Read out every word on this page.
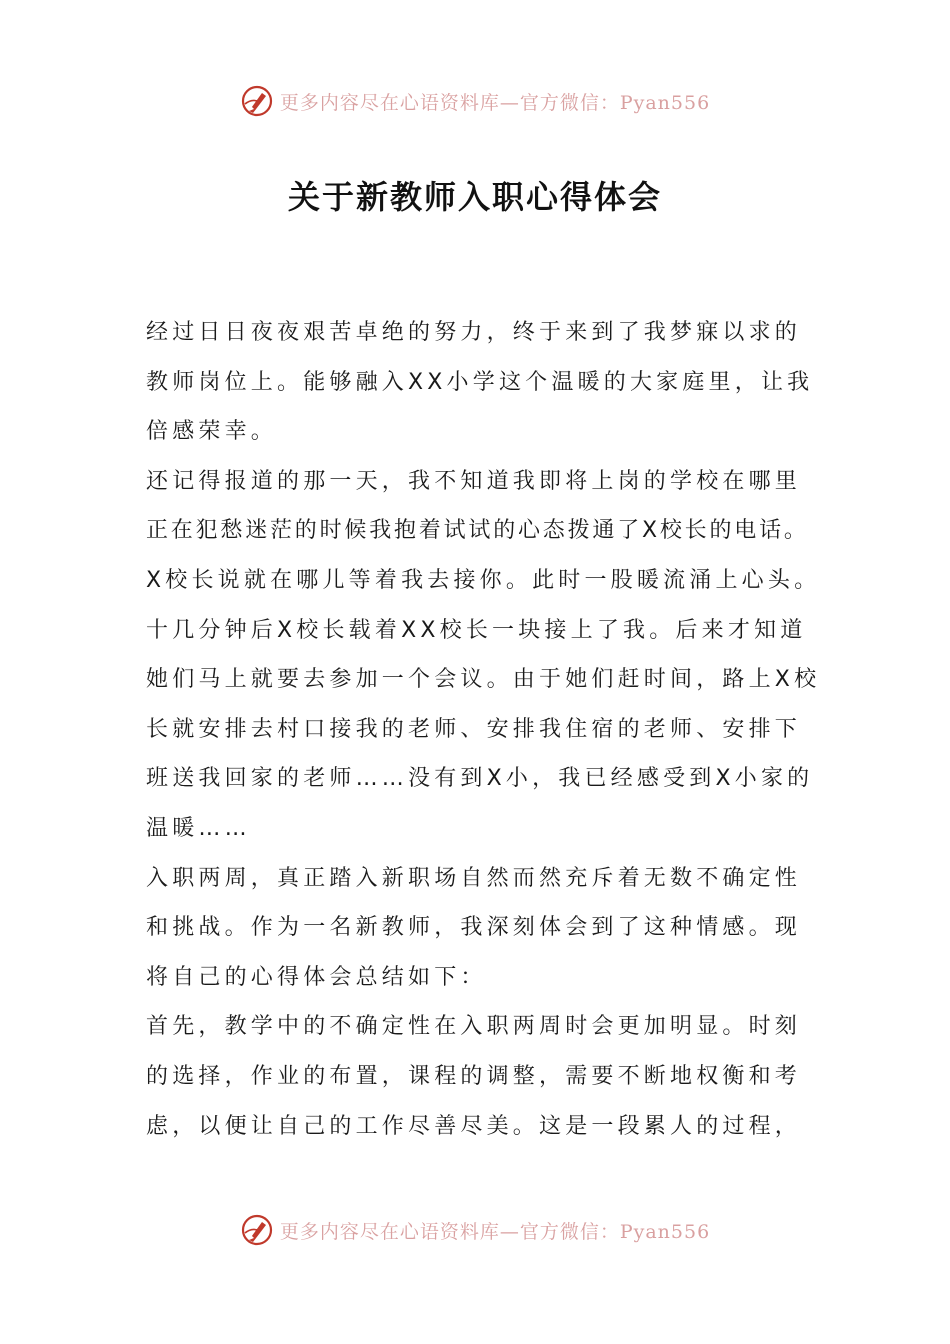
更多内容尽在心语资料库—官方微信：Pyan556
关于新教师入职心得体会
经过日日夜夜艰苦卓绝的努力，终于来到了我梦寐以求的
教师岗位上。能够融入XX小学这个温暖的大家庭里，让我
倍感荣幸。
还记得报道的那一天，我不知道我即将上岗的学校在哪里
正在犯愁迷茫的时候我抱着试试的心态拨通了X校长的电话。
X校长说就在哪儿等着我去接你。此时一股暖流涌上心头。
十几分钟后X校长载着XX校长一块接上了我。后来才知道
她们马上就要去参加一个会议。由于她们赶时间，路上X校
长就安排去村口接我的老师、安排我住宿的老师、安排下
班送我回家的老师……没有到X小，我已经感受到X小家的
温暖……
入职两周，真正踏入新职场自然而然充斥着无数不确定性
和挑战。作为一名新教师，我深刻体会到了这种情感。现
将自己的心得体会总结如下：
首先，教学中的不确定性在入职两周时会更加明显。时刻
的选择，作业的布置，课程的调整，需要不断地权衡和考
虑，以便让自己的工作尽善尽美。这是一段累人的过程，
更多内容尽在心语资料库—官方微信：Pyan556
